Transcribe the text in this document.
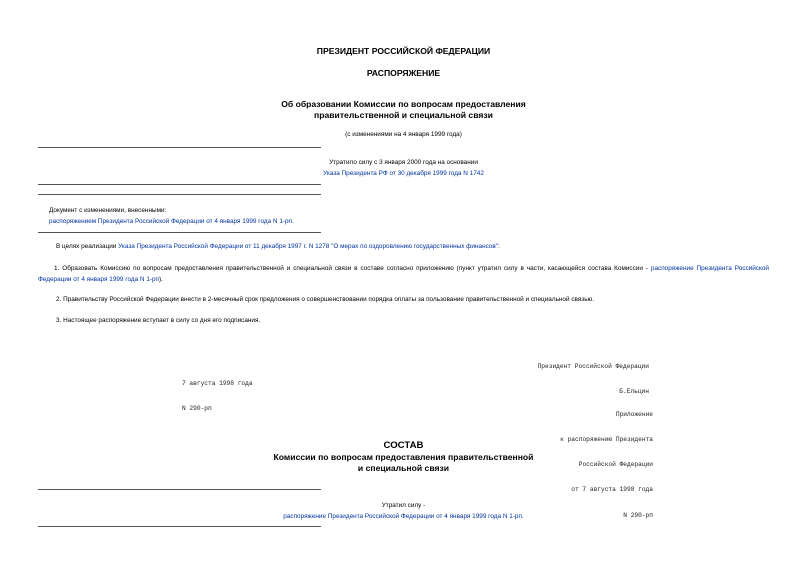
ПРЕЗИДЕНТ РОССИЙСКОЙ ФЕДЕРАЦИИ
РАСПОРЯЖЕНИЕ
Об образовании Комиссии по вопросам предоставления
правительственной и специальной связи
(с изменениями на 4 января 1999 года)
Утратило силу с 3 января 2000 года на основании
Указа Президента РФ от 30 декабря 1999 года N 1742
Документ с изменениями, внесенными:
распоряжением Президента Российской Федерации от 4 января 1999 года N 1-рп.
В целях реализации Указа Президента Российской Федерации от 11 декабря 1997 г. N 1278 "О мерах по оздоровлению государственных финансов":
1. Образовать Комиссию по вопросам предоставления правительственной и специальной связи в составе согласно приложению (пункт утратил силу в части, касающейся состава Комиссии - распоряжение Президента Российской Федерации от 4 января 1999 года N 1-рп).
2. Правительству Российской Федерации внести в 2-месячный срок предложения о совершенствовании порядка оплаты за пользование правительственной и специальной связью.
3. Настоящее распоряжение вступает в силу со дня его подписания.

Президент Российской Федерации

Б.Ельцин

7 августа 1998 года

N 290-рп

Приложение

к распоряжению Президента

Российской Федерации

от 7 августа 1998 года

N 290-рп

СОСТАВ
Комиссии по вопросам предоставления правительственной
и специальной связи
Утратил силу -
распоряжение Президента Российской Федерации от 4 января 1999 года N 1-рп.
